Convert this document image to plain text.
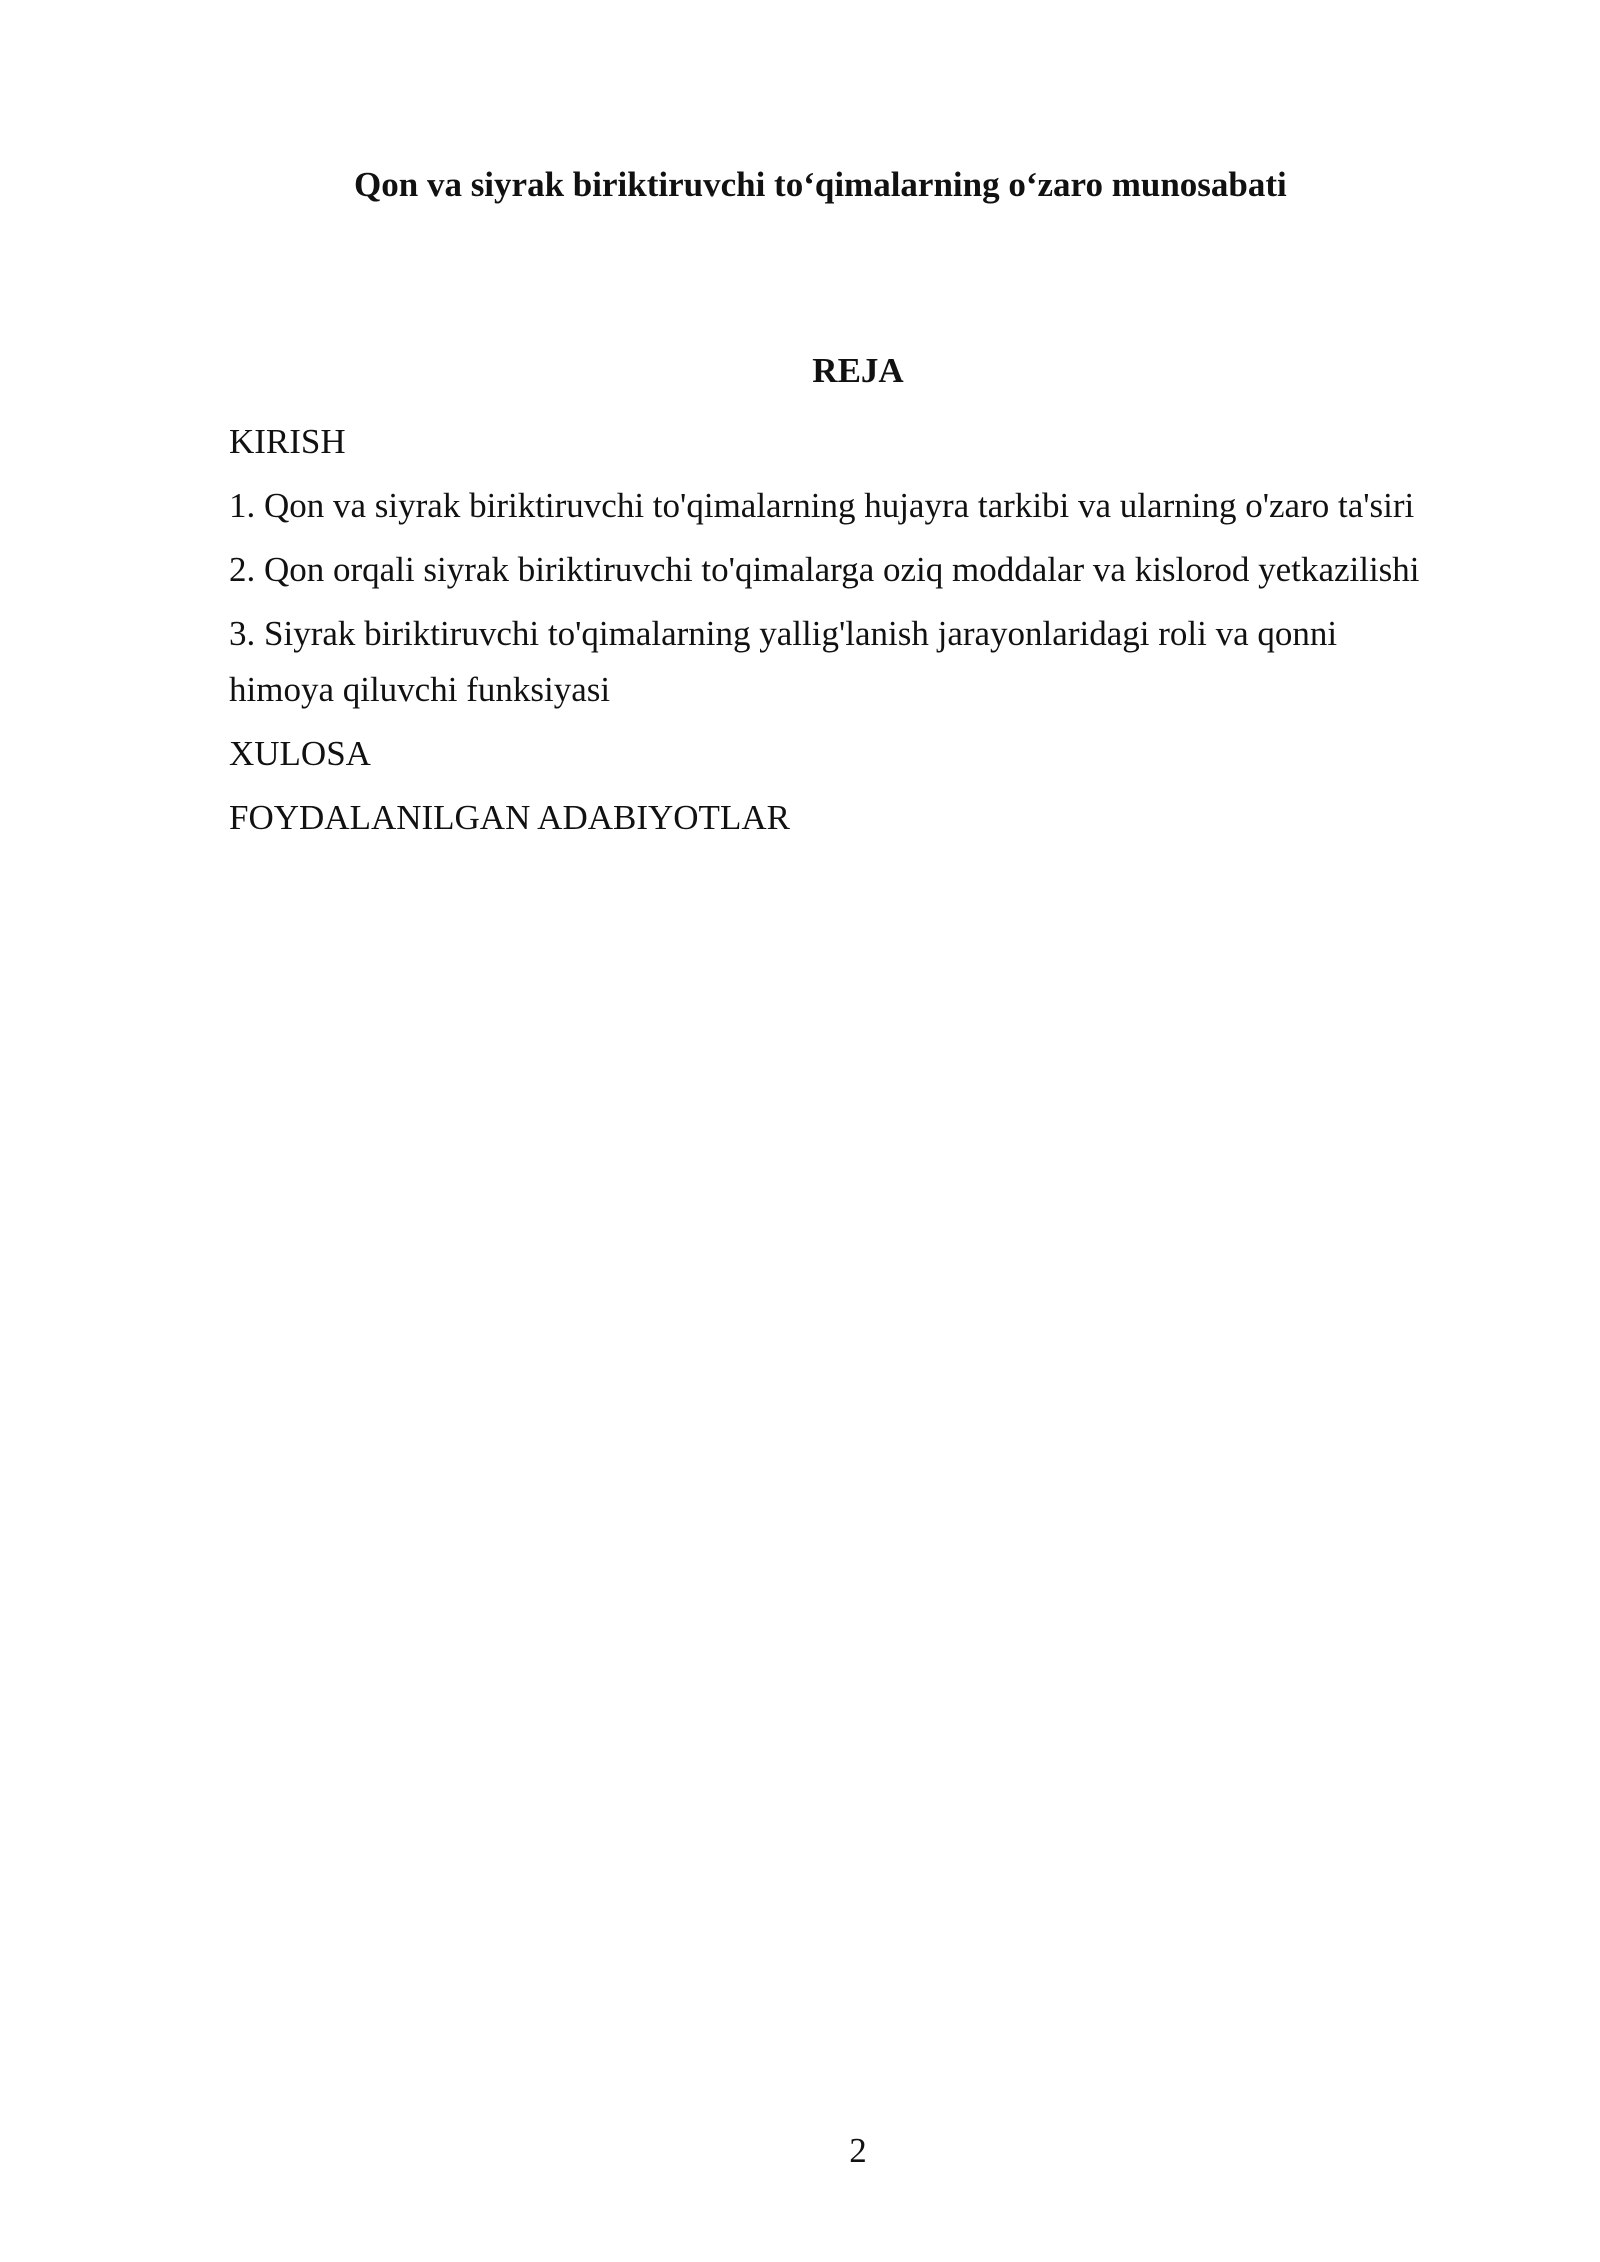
Qon va siyrak biriktiruvchi to‘qimalarning o‘zaro munosabati
REJA
KIRISH
1. Qon va siyrak biriktiruvchi to'qimalarning hujayra tarkibi va ularning o'zaro ta'siri
2. Qon orqali siyrak biriktiruvchi to'qimalarga oziq moddalar va kislorod yetkazilishi
3. Siyrak biriktiruvchi to'qimalarning yallig'lanish jarayonlaridagi roli va qonni himoya qiluvchi funksiyasi
XULOSA
FOYDALANILGAN ADABIYOTLAR
2
